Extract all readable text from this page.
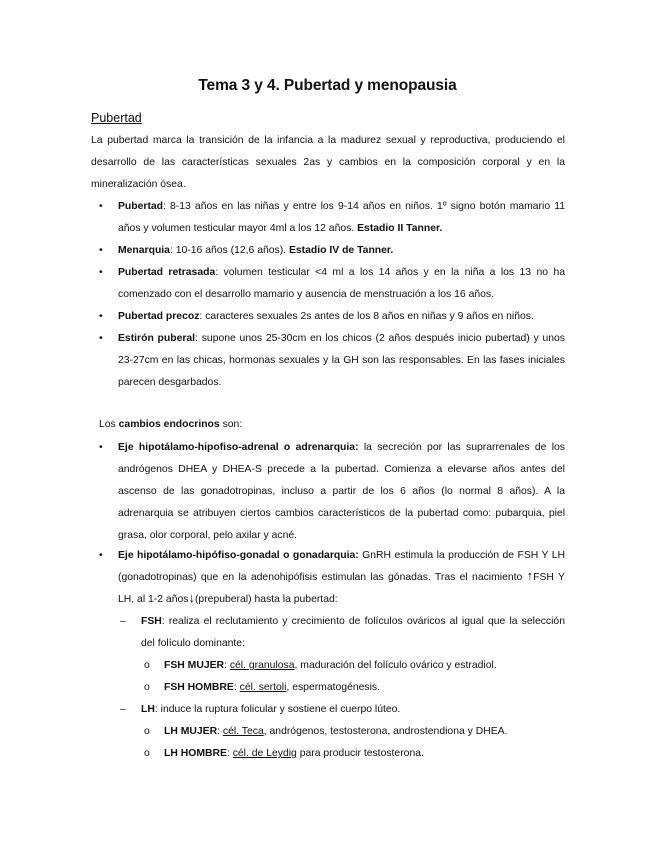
Tema 3 y 4. Pubertad y menopausia
Pubertad
La pubertad marca la transición de la infancia a la madurez sexual y reproductiva, produciendo el desarrollo de las características sexuales 2as y cambios en la composición corporal y en la mineralización ósea.
• Pubertad: 8-13 años en las niñas y entre los 9-14 años en niños. 1º signo botón mamario 11 años y volumen testicular mayor 4ml a los 12 años. Estadio II Tanner.
• Menarquia: 10-16 años (12,6 años). Estadio IV de Tanner.
• Pubertad retrasada: volumen testicular <4 ml a los 14 años y en la niña a los 13 no ha comenzado con el desarrollo mamario y ausencia de menstruación a los 16 años.
• Pubertad precoz: caracteres sexuales 2s antes de los 8 años en niñas y 9 años en niños.
• Estirón puberal: supone unos 25-30cm en los chicos (2 años después inicio pubertad) y unos 23-27cm en las chicas, hormonas sexuales y la GH son las responsables. En las fases iniciales parecen desgarbados.
Los cambios endocrinos son:
• Eje hipotálamo-hipofiso-adrenal o adrenarquia: la secreción por las suprarrenales de los andrógenos DHEA y DHEA-S precede a la pubertad. Comienza a elevarse años antes del ascenso de las gonadotropinas, incluso a partir de los 6 años (lo normal 8 años). A la adrenarquia se atribuyen ciertos cambios característicos de la pubertad como: pubarquia, piel grasa, olor corporal, pelo axilar y acné.
• Eje hipotálamo-hipófiso-gonadal o gonadarquia: GnRH estimula la producción de FSH Y LH (gonadotropinas) que en la adenohipófisis estimulan las gónadas. Tras el nacimiento ↑FSH Y LH, al 1-2 años↓(prepuberal) hasta la pubertad:
– FSH: realiza el reclutamiento y crecimiento de folículos ováricos al igual que la selección del folículo dominante:
o FSH MUJER: cél. granulosa, maduración del folículo ovárico y estradiol.
o FSH HOMBRE: cél. sertoli, espermatogénesis.
– LH: induce la ruptura folicular y sostiene el cuerpo lúteo.
o LH MUJER: cél. Teca, andrógenos, testosterona, androstendiona y DHEA.
o LH HOMBRE: cél. de Leydig para producir testosterona.
